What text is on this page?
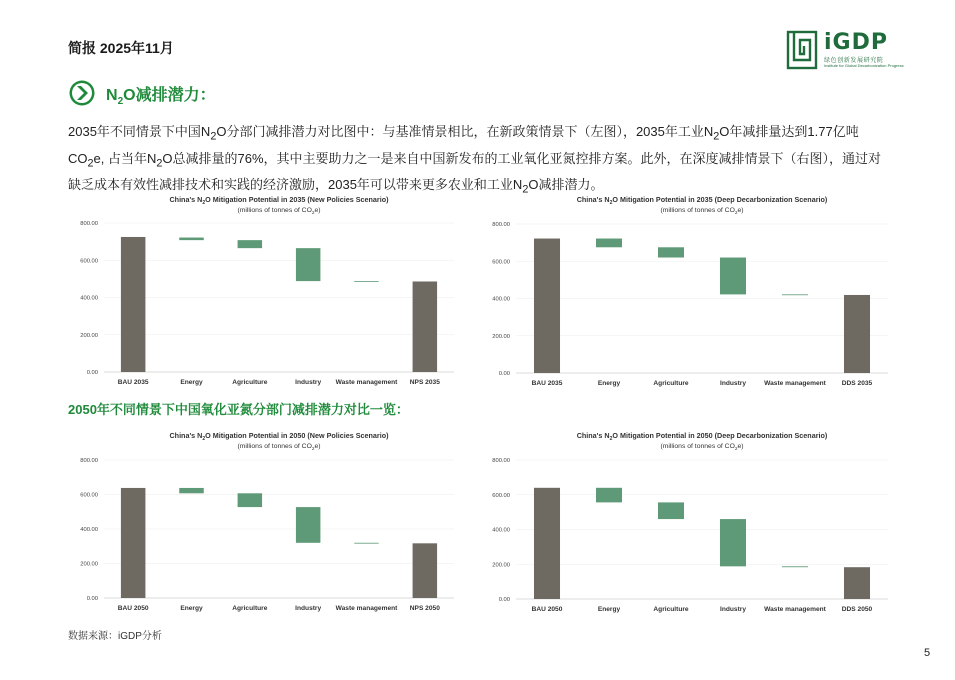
简报 2025年11月	iGDP
绿色创新发展研究院
Institute for Global Decarbonization Progress
$N_2O$减排潜力：
2035年不同情景下中国$N_2O$分部门减排潜力对比图中：与基准情景相比，在新政策情景下（左图），2035年工业$N_2O$年减排量达到1.77亿吨$CO_2e$, 占当年$N_2O$总减排量的76%，其中主要助力之一是来自中国新发布的工业氧化亚氮控排方案。此外，在深度减排情景下（右图），通过对缺乏成本有效性减排技术和实践的经济激励，2035年可以带来更多农业和工业$N_2O$减排潜力。
China's $N_2O$ Mitigation Potential in 2035 (New Policies Scenario)
(millions of tonnes of $CO_2e$)
0.00
200.00
400.00
600.00
800.00
BAU 2035	Energy	Agriculture	Industry Waste management NPS 2035
China's $N_2O$ Mitigation Potential in 2035 (Deep Decarbonization Scenario)
(millions of tonnes of $CO_2e$)
0.00
200.00
400.00
600.00
800.00
BAU 2035	Energy	Agriculture	Industry	Waste management DDS 2035
2050年不同情景下中国氧化亚氮分部门减排潜力对比一览：
China's $N_2O$ Mitigation Potential in 2050 (New Policies Scenario)
(millions of tonnes of $CO_2e$)
0.00
200.00
400.00
600.00
800.00
BAU 2050	Energy	Agriculture	Industry Waste management NPS 2050
China's $N_2O$ Mitigation Potential in 2050 (Deep Decarbonization Scenario)
(millions of tonnes of $CO_2e$)
0.00
200.00
400.00
600.00
800.00
BAU 2050	Energy	Agriculture	Industry	Waste management DDS 2050
数据来源：iGDP分析
5
